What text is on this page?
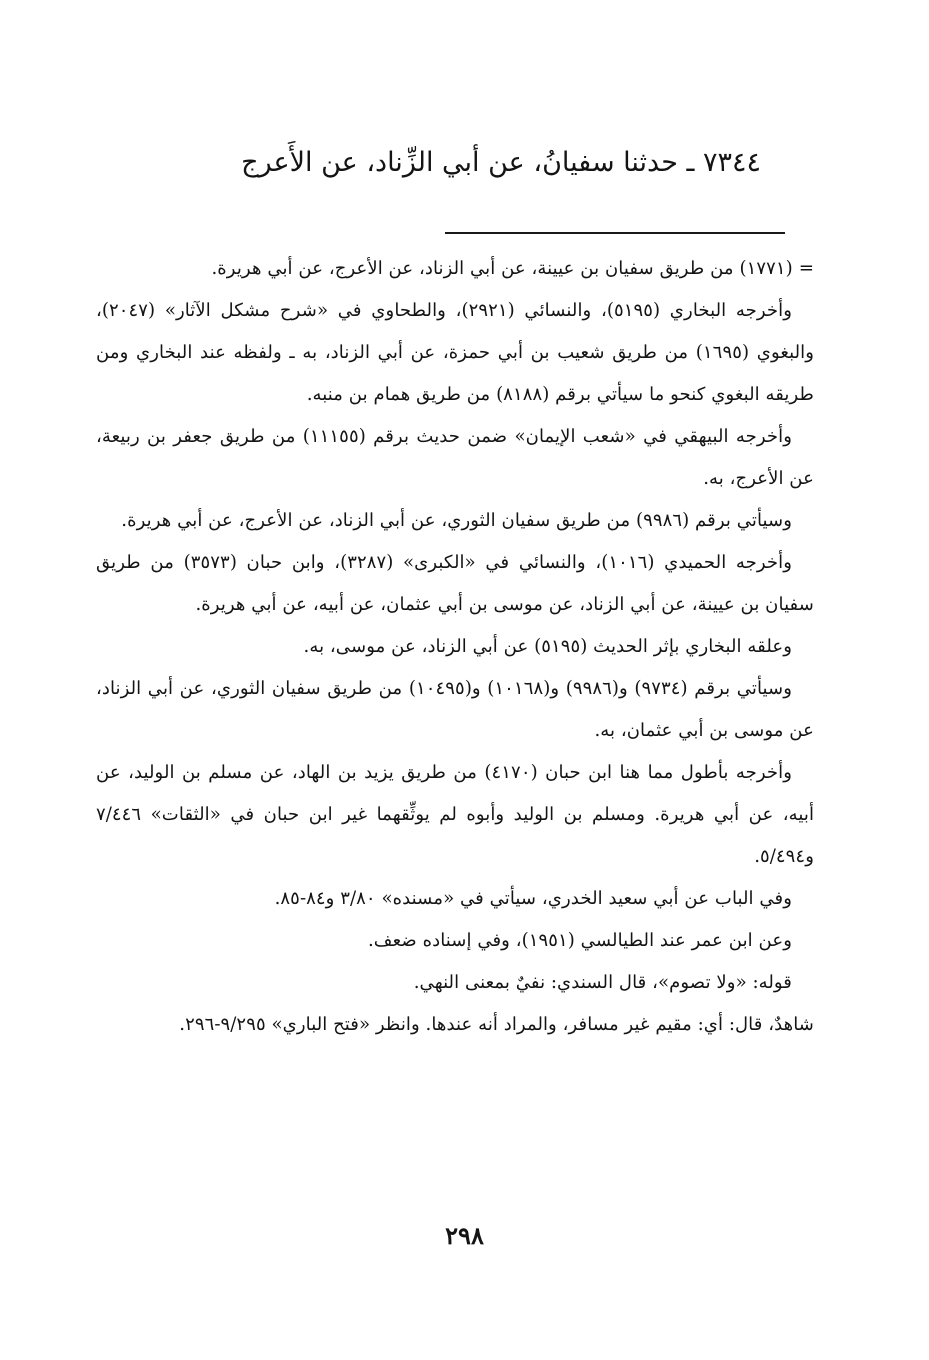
٧٣٤٤ ـ حدثنا سفيانُ، عن أبي الزِّناد، عن الأَعرج

=(١٧٧١) من طريق سفيان بن عيينة، عن أبي الزناد، عن الأعرج، عن أبي هريرة.

وأخرجه البخاري (٥١٩٥)، والنسائي (٢٩٢١)، والطحاوي في «شرح مشكل الآثار» (٢٠٤٧)، والبغوي (١٦٩٥) من طريق شعيب بن أبي حمزة، عن أبي الزناد، به ـ ولفظه عند البخاري ومن طريقه البغوي كنحو ما سيأتي برقم (٨١٨٨) من طريق همام بن منبه.

وأخرجه البيهقي في «شعب الإيمان» ضمن حديث برقم (١١١٥٥) من طريق جعفر بن ربيعة، عن الأعرج، به.

وسيأتي برقم (٩٩٨٦) من طريق سفيان الثوري، عن أبي الزناد، عن الأعرج، عن أبي هريرة.

وأخرجه الحميدي (١٠١٦)، والنسائي في «الكبرى» (٣٢٨٧)، وابن حبان (٣٥٧٣) من طريق سفيان بن عيينة، عن أبي الزناد، عن موسى بن أبي عثمان، عن أبيه، عن أبي هريرة.

وعلقه البخاري بإثر الحديث (٥١٩٥) عن أبي الزناد، عن موسى، به.

وسيأتي برقم (٩٧٣٤) و(٩٩٨٦) و(١٠١٦٨) و(١٠٤٩٥) من طريق سفيان الثوري، عن أبي الزناد، عن موسى بن أبي عثمان، به.

وأخرجه بأطول مما هنا ابن حبان (٤١٧٠) من طريق يزيد بن الهاد، عن مسلم بن الوليد، عن أبيه، عن أبي هريرة. ومسلم بن الوليد وأبوه لم يوثِّقهما غير ابن حبان في «الثقات» ٧/٤٤٦ و٥/٤٩٤.

وفي الباب عن أبي سعيد الخدري، سيأتي في «مسنده» ٣/٨٠ و٨٤-٨٥.

وعن ابن عمر عند الطيالسي (١٩٥١)، وفي إسناده ضعف.

قوله: «ولا تصوم»، قال السندي: نفيٌ بمعنى النهي.

شاهدٌ، قال: أي: مقيم غير مسافر، والمراد أنه عندها. وانظر «فتح الباري» ٩/٢٩٥-٢٩٦.

٢٩٨
